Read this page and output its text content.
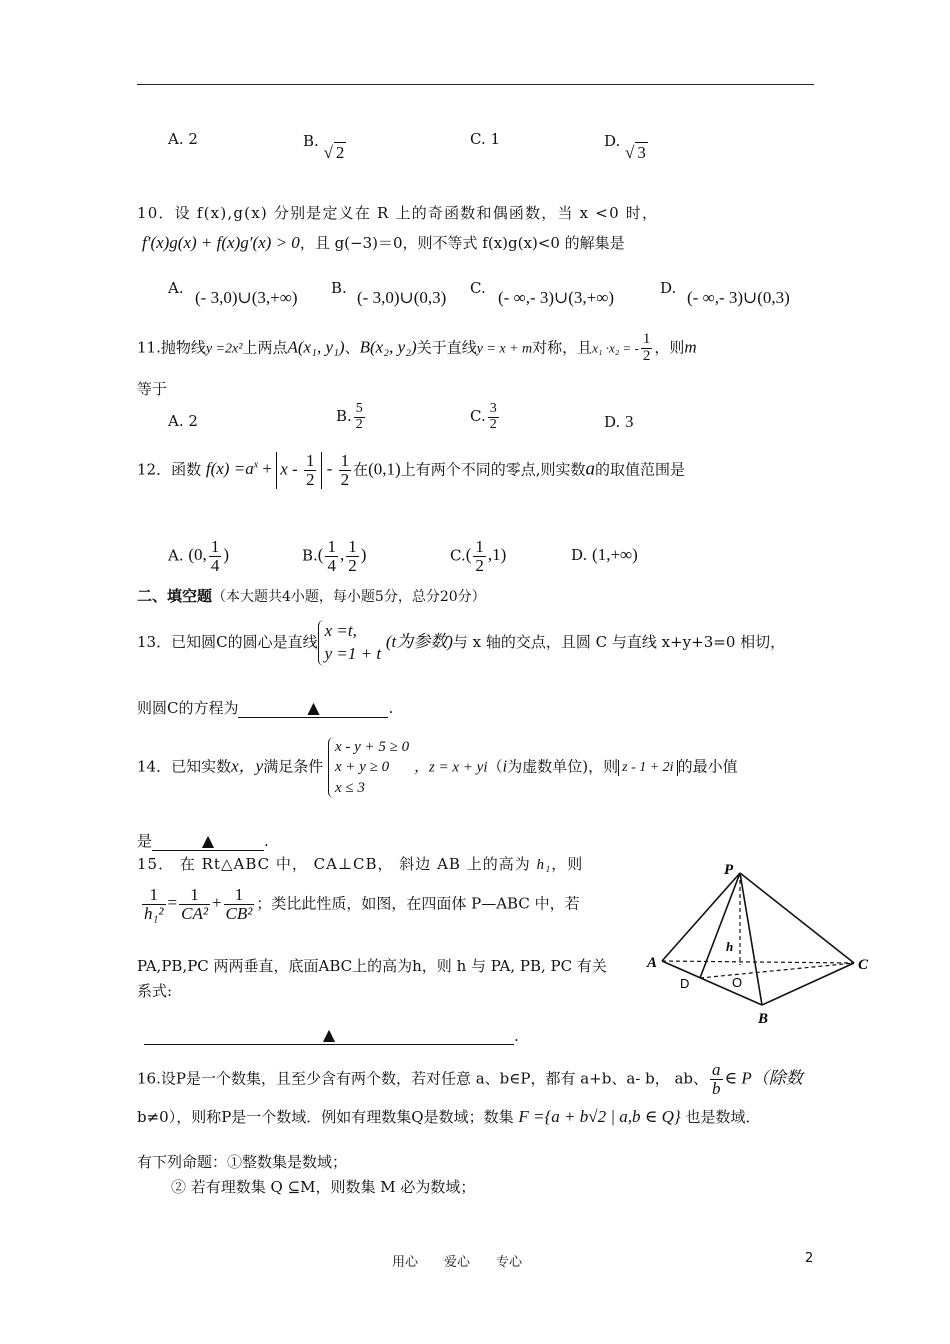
A. 2	B. √ 2
C. 1	D. √ 3
10．设 f(x),g(x) 分别是定义在 R 上的奇函数和偶函数，当 x <0 时，
f′(x)g(x) + f(x)g′(x) > 0，且 g(−3)＝0，则不等式 f(x)g(x)<0 的解集是
A. (- 3,0)∪(3,+∞) B. (- 3,0)∪(0,3) C. (- ∞,- 3)∪(3,+∞)	D. (- ∞,- 3)∪(0,3)
11.抛物线y =2x²上两点A(x₁, y₁)、B(x₂, y₂)关于直线y = x + m对称，且x₁ ·x₂ = - $\frac{1}{2}$ ，则m
等于
A. 2	B. $\frac{5}{2}$	C. $\frac{3}{2}$	D. 3
12．函数 $f(x) =a^x + x - \frac{1}{2} - \frac{1}{2}$ 在(0,1)上有两个不同的零点,则实数a的取值范围是
A. (0, $\frac{1}{4}$ )	$B.( \frac{1}{4}$ , $\frac{1}{2}$ )	$C.( \frac{1}{2} ,1)$	D. (1,+∞)
二、填空题（本大题共4小题，每小题5分，总分20分）
13．已知圆C的圆心是直线
x =t,
y =1 + t
(t为参数)与 x 轴的交点，且圆 C 与直线 x+y+3=0 相切，
则圆C的方程为	▲	.
14．已知实数x，y满足条件
x - y + 5 ≥ 0
x + y ≥ 0
x ≤ 3
，z = x + yi（i为虚数单位)，则 z - 1 + 2i 的最小值
是	▲	.
15． 在 Rt△ABC 中， CA⊥CB， 斜边 AB 上的高为 h₁，则
$\frac{1}{\text{h₁²}} = \frac{1}{\text{CA²}} + \frac{1}{\text{CB²}}$ ；类比此性质，如图，在四面体 P—ABC 中，若
PA,PB,PC 两两垂直，底面ABC上的高为h，则 h 与 PA, PB, PC 有关
系式:
▲	.
P
A
B
C
D	O
h
16.设P是一个数集，且至少含有两个数，若对任意 a、b∈P，都有 a+b、a- b， ab、 $\frac{a}{b}$ ∈ P（除数
b≠0），则称P是一个数域．例如有理数集Q是数域；数集 F ={a + b√2 | a,b ∈ Q} 也是数域．
有下列命题：①整数集是数域；
② 若有理数集 Q ⊆M，则数集 M 必为数域；
用心　　爱心　　专心	2
